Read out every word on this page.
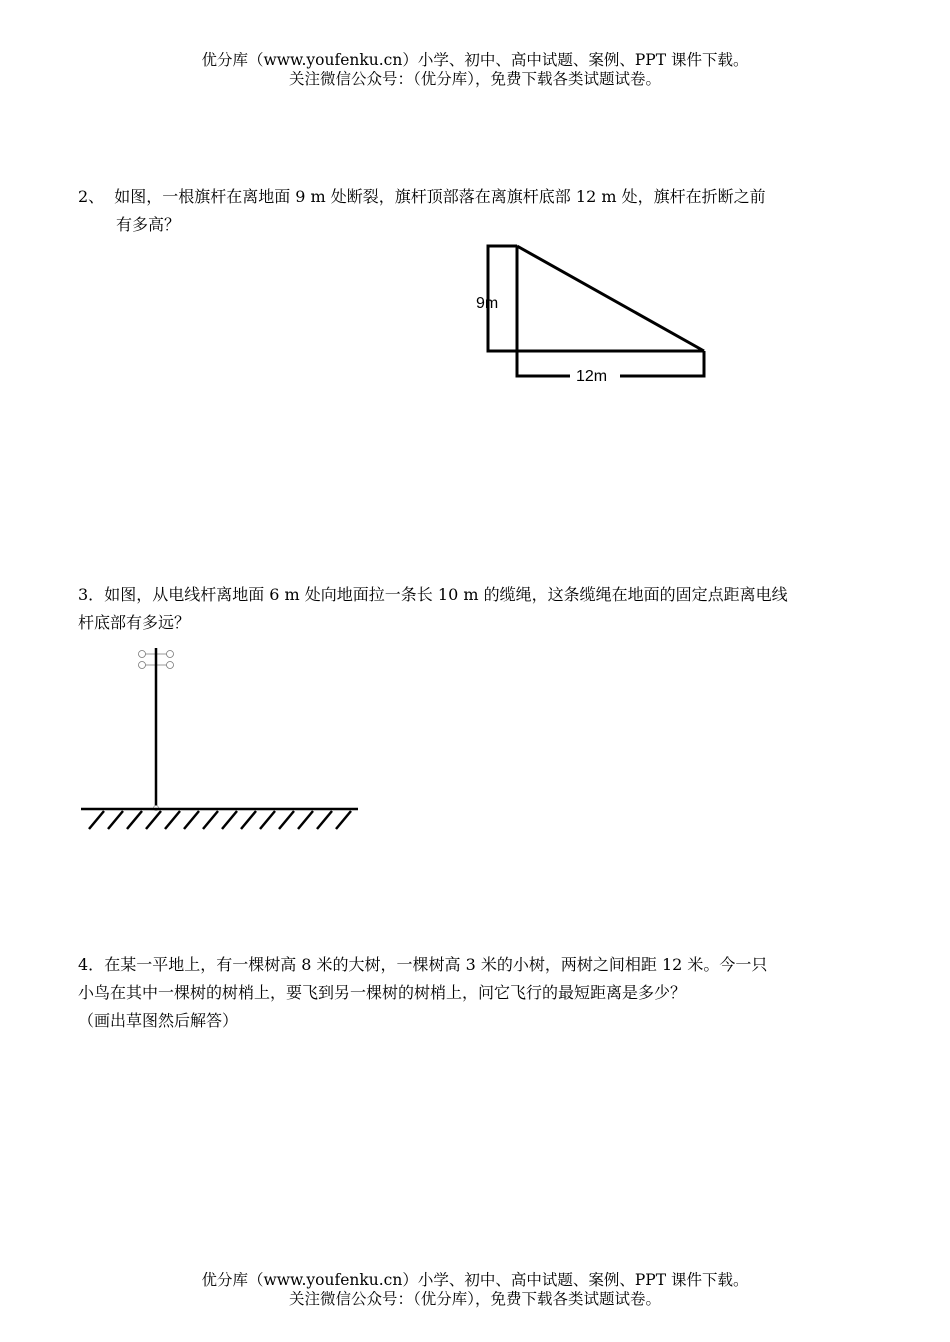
优分库（www.youfenku.cn）小学、初中、高中试题、案例、PPT 课件下载。
关注微信公众号：（优分库），免费下载各类试题试卷。
2、 如图，一根旗杆在离地面 9 m 处断裂，旗杆顶部落在离旗杆底部 12 m 处，旗杆在折断之前
有多高？
9m
12m
3．如图，从电线杆离地面 6 m 处向地面拉一条长 10 m 的缆绳，这条缆绳在地面的固定点距离电线
杆底部有多远？
4．在某一平地上，有一棵树高 8 米的大树，一棵树高 3 米的小树，两树之间相距 12 米。今一只
小鸟在其中一棵树的树梢上，要飞到另一棵树的树梢上，问它飞行的最短距离是多少？
（画出草图然后解答）
优分库（www.youfenku.cn）小学、初中、高中试题、案例、PPT 课件下载。
关注微信公众号：（优分库），免费下载各类试题试卷。
